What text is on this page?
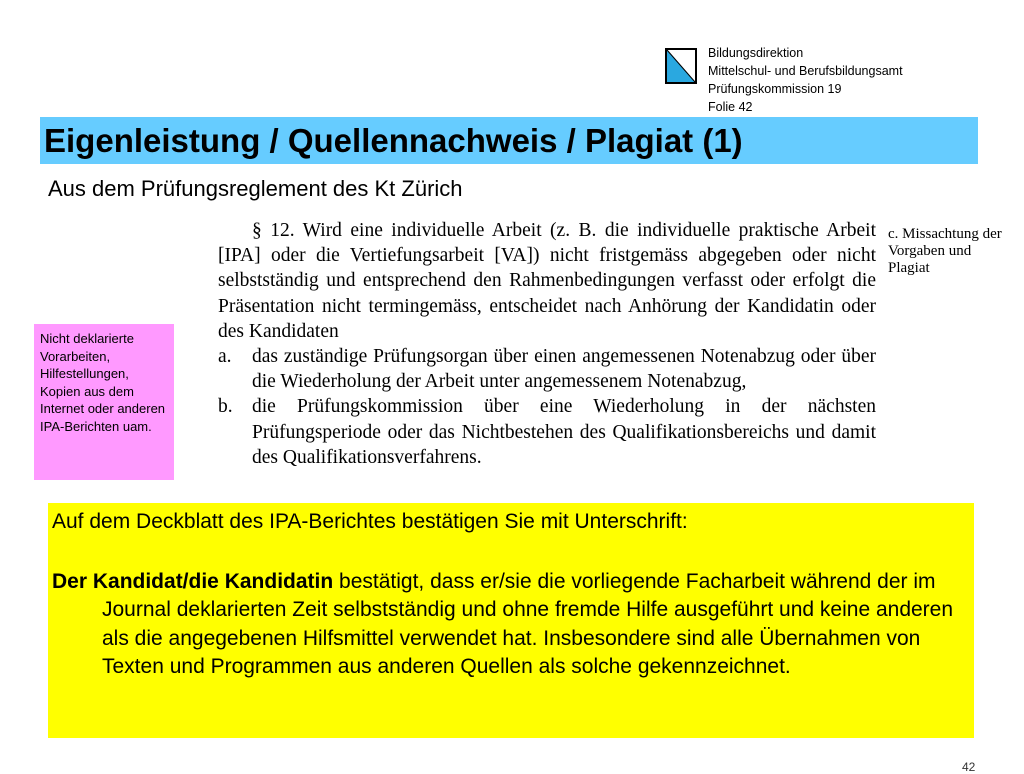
Bildungsdirektion
Mittelschul- und Berufsbildungsamt
Prüfungskommission 19
Folie 42
Eigenleistung / Quellennachweis / Plagiat (1)
Aus dem Prüfungsreglement des Kt Zürich

§ 12. Wird eine individuelle Arbeit (z. B. die individuelle praktische Arbeit [IPA] oder die Vertiefungsarbeit [VA]) nicht fristgemäss abgegeben oder nicht selbstständig und entsprechend den Rahmenbedingungen verfasst oder erfolgt die Präsentation nicht termingemäss, entscheidet nach Anhörung der Kandidatin oder des Kandidaten

a.	das zuständige Prüfungsorgan über einen angemessenen Notenabzug oder über die Wiederholung der Arbeit unter angemessenem Notenabzug,
b. die Prüfungskommission über eine Wiederholung in der nächsten Prüfungsperiode oder das Nichtbestehen des Qualifikationsbereichs und damit des Qualifikationsverfahrens.
c. Missachtung der Vorgaben und Plagiat
Nicht deklarierte Vorarbeiten, Hilfestellungen, Kopien aus dem Internet oder anderen IPA-Berichten uam.
Auf dem Deckblatt des IPA-Berichtes bestätigen Sie mit Unterschrift:
Der Kandidat/die Kandidatin bestätigt, dass er/sie die vorliegende Facharbeit während der im Journal deklarierten Zeit selbstständig und ohne fremde Hilfe ausgeführt und keine anderen als die angegebenen Hilfsmittel verwendet hat. Insbesondere sind alle Übernahmen von Texten und Programmen aus anderen Quellen als solche gekennzeichnet.
42
